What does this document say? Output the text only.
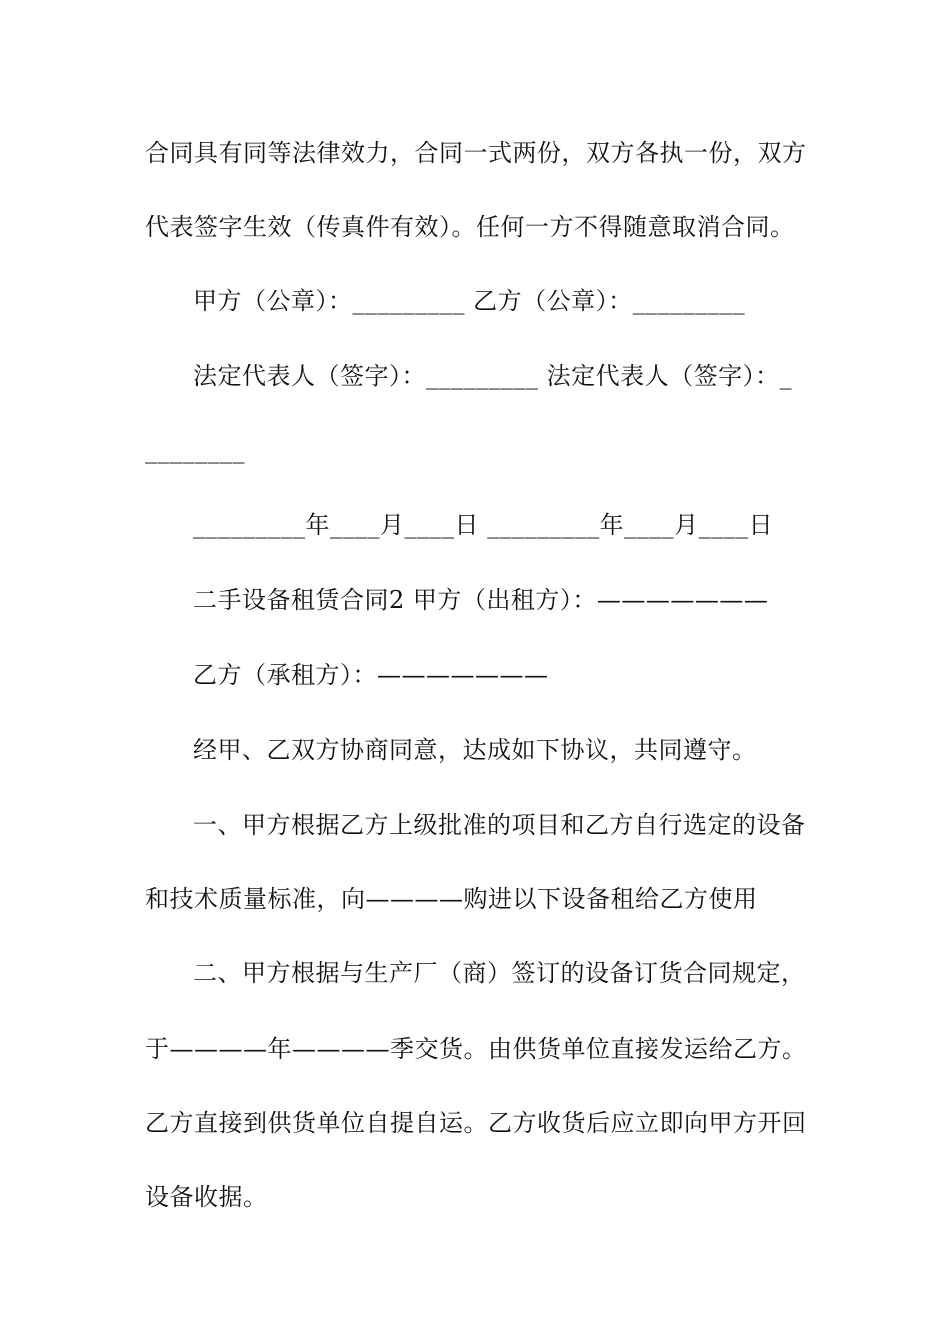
合同具有同等法律效力，合同一式两份，双方各执一份，双方
代表签字生效（传真件有效）。任何一方不得随意取消合同。
甲方（公章）：_________ 乙方（公章）：_________
法定代表人（签字）：_________ 法定代表人（签字）：_
________
_________年____月____日 _________年____月____日
二手设备租赁合同2 甲方（出租方）：———————
乙方（承租方）：———————
经甲、乙双方协商同意，达成如下协议，共同遵守。
一、甲方根据乙方上级批准的项目和乙方自行选定的设备
和技术质量标准，向————购进以下设备租给乙方使用
二、甲方根据与生产厂（商）签订的设备订货合同规定，
于————年————季交货。由供货单位直接发运给乙方。
乙方直接到供货单位自提自运。乙方收货后应立即向甲方开回
设备收据。
